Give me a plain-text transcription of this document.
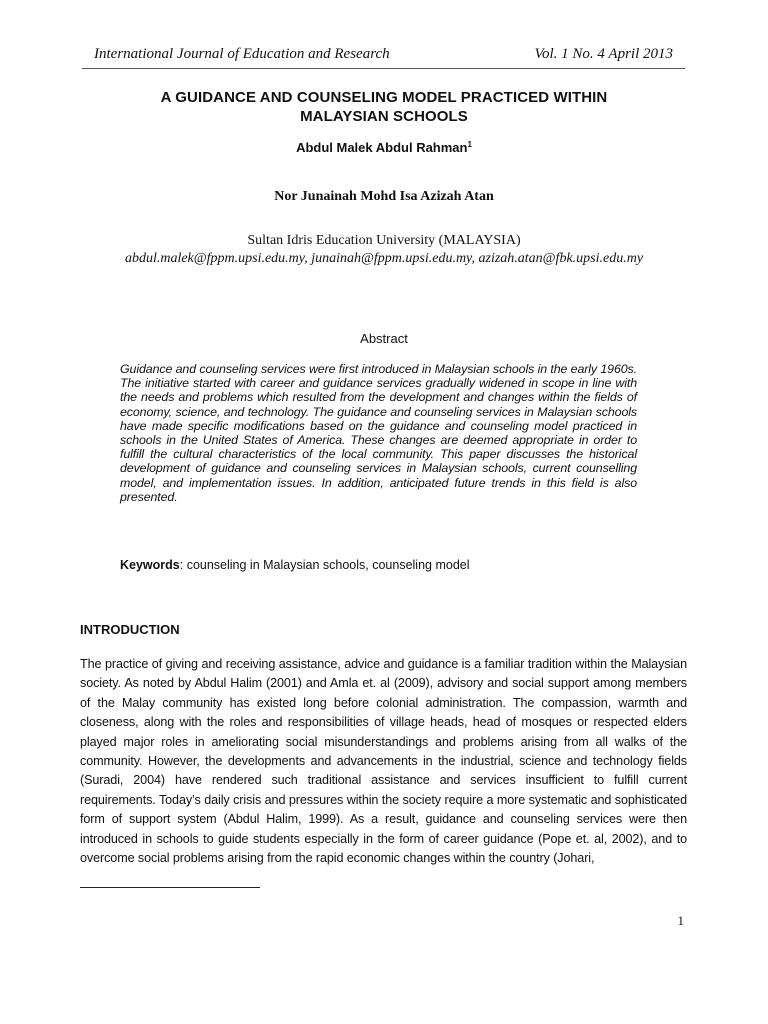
International Journal of Education and Research	Vol. 1 No. 4 April 2013
A GUIDANCE AND COUNSELING MODEL PRACTICED WITHIN
MALAYSIAN SCHOOLS
Abdul Malek Abdul Rahman$^1$
Nor Junainah Mohd Isa Azizah Atan
Sultan Idris Education University (MALAYSIA)
abdul.malek@fppm.upsi.edu.my, junainah@fppm.upsi.edu.my, azizah.atan@fbk.upsi.edu.my
Abstract
Guidance and counseling services were first introduced in Malaysian schools in the early 1960s. The initiative started with career and guidance services gradually widened in scope in line with the needs and problems which resulted from the development and changes within the fields of economy, science, and technology. The guidance and counseling services in Malaysian schools have made specific modifications based on the guidance and counseling model practiced in schools in the United States of America. These changes are deemed appropriate in order to fulfill the cultural characteristics of the local community. This paper discusses the historical development of guidance and counseling services in Malaysian schools, current counselling model, and implementation issues. In addition, anticipated future trends in this field is also presented.
Keywords: counseling in Malaysian schools, counseling model
INTRODUCTION
The practice of giving and receiving assistance, advice and guidance is a familiar tradition within the Malaysian society. As noted by Abdul Halim (2001) and Amla et. al (2009), advisory and social support among members of the Malay community has existed long before colonial administration. The compassion, warmth and closeness, along with the roles and responsibilities of village heads, head of mosques or respected elders played major roles in ameliorating social misunderstandings and problems arising from all walks of the community. However, the developments and advancements in the industrial, science and technology fields (Suradi, 2004) have rendered such traditional assistance and services insufficient to fulfill current requirements. Today’s daily crisis and pressures within the society require a more systematic and sophisticated form of support system (Abdul Halim, 1999). As a result, guidance and counseling services were then introduced in schools to guide students especially in the form of career guidance (Pope et. al, 2002), and to overcome social problems arising from the rapid economic changes within the country (Johari,
1
